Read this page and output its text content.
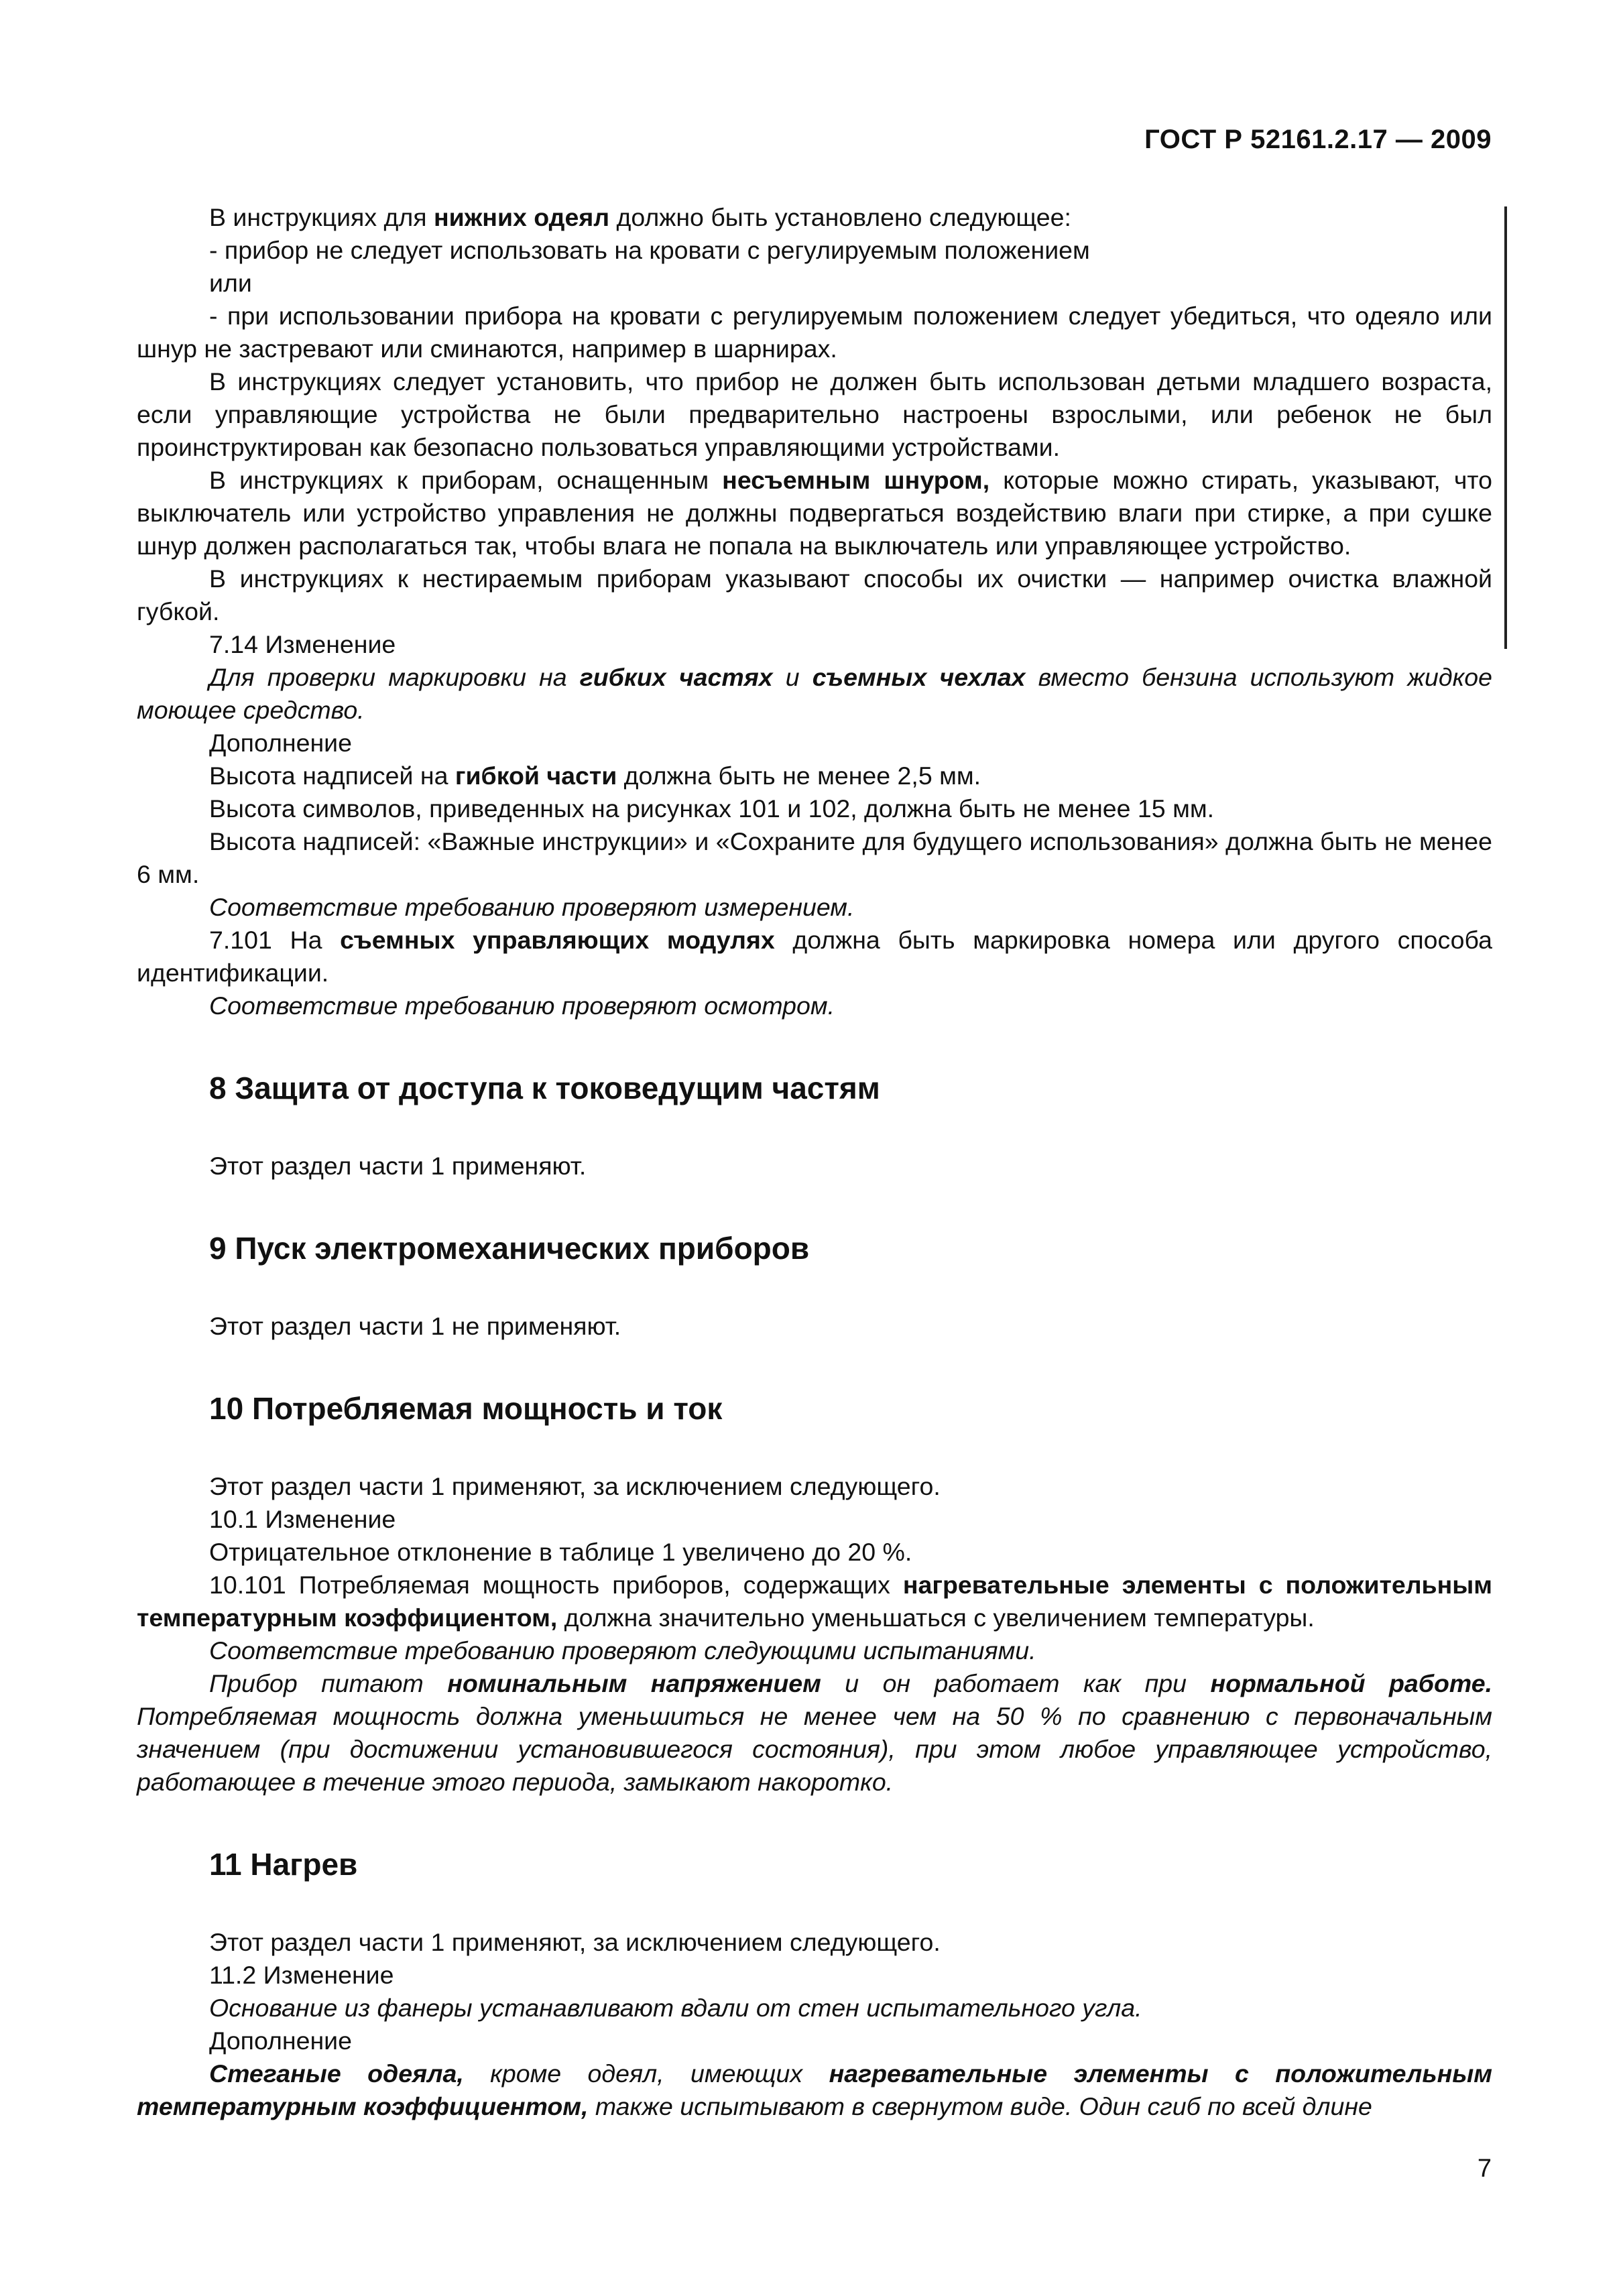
ГОСТ Р 52161.2.17 — 2009

В инструкциях для нижних одеял должно быть установлено следующее:

- прибор не следует использовать на кровати с регулируемым положением

или

- при использовании прибора на кровати с регулируемым положением следует убедиться, что одеяло или шнур не застревают или сминаются, например в шарнирах.

В инструкциях следует установить, что прибор не должен быть использован детьми младшего возраста, если управляющие устройства не были предварительно настроены взрослыми, или ребенок не был проинструктирован как безопасно пользоваться управляющими устройствами.

В инструкциях к приборам, оснащенным несъемным шнуром, которые можно стирать, указывают, что выключатель или устройство управления не должны подвергаться воздействию влаги при стирке, а при сушке шнур должен располагаться так, чтобы влага не попала на выключатель или управляющее устройство.

В инструкциях к нестираемым приборам указывают способы их очистки — например очистка влажной губкой.

7.14 Изменение

Для проверки маркировки на гибких частях и съемных чехлах вместо бензина используют жидкое моющее средство.

Дополнение

Высота надписей на гибкой части должна быть не менее 2,5 мм.

Высота символов, приведенных на рисунках 101 и 102, должна быть не менее 15 мм.

Высота надписей: «Важные инструкции» и «Сохраните для будущего использования» должна быть не менее 6 мм.

Соответствие требованию проверяют измерением.

7.101 На съемных управляющих модулях должна быть маркировка номера или другого способа идентификации.

Соответствие требованию проверяют осмотром.

8 Защита от доступа к токоведущим частям

Этот раздел части 1 применяют.

9 Пуск электромеханических приборов

Этот раздел части 1 не применяют.

10 Потребляемая мощность и ток

Этот раздел части 1 применяют, за исключением следующего.

10.1 Изменение

Отрицательное отклонение в таблице 1 увеличено до 20 %.

10.101 Потребляемая мощность приборов, содержащих нагревательные элементы с положительным температурным коэффициентом, должна значительно уменьшаться с увеличением температуры.

Соответствие требованию проверяют следующими испытаниями.

Прибор питают номинальным напряжением и он работает как при нормальной работе. Потребляемая мощность должна уменьшиться не менее чем на 50 % по сравнению с первоначальным значением (при достижении установившегося состояния), при этом любое управляющее устройство, работающее в течение этого периода, замыкают накоротко.

11 Нагрев

Этот раздел части 1 применяют, за исключением следующего.

11.2 Изменение

Основание из фанеры устанавливают вдали от стен испытательного угла.

Дополнение

Стеганые одеяла, кроме одеял, имеющих нагревательные элементы с положительным температурным коэффициентом, также испытывают в свернутом виде. Один сгиб по всей длине

7
